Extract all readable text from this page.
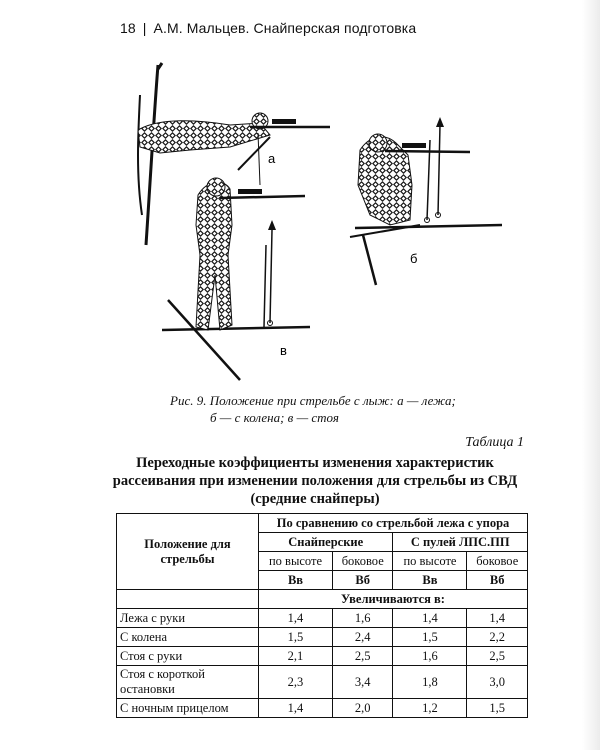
18 | А.М. Мальцев. Снайперская подготовка
а
б
в
Рис. 9. Положение при стрельбе с лыж: а — лежа;
б — с колена; в — стоя
Таблица 1
Переходные коэффициенты изменения характеристик рассеивания при изменении положения для стрельбы из СВД (средние снайперы)
Положение для стрельбы	По сравнению со стрельбой лежа с упора			
	Снайперские		С пулей ЛПС.ПП	
	по высоте	боковое	по высоте	боковое
	Вв	Вб	Вв	Вб
	Увеличиваются в:			
Лежа с руки	1,4	1,6	1,4	1,4
С колена	1,5	2,4	1,5	2,2
Стоя с руки	2,1	2,5	1,6	2,5
Стоя с короткой остановки	2,3	3,4	1,8	3,0
С ночным прицелом	1,4	2,0	1,2	1,5
